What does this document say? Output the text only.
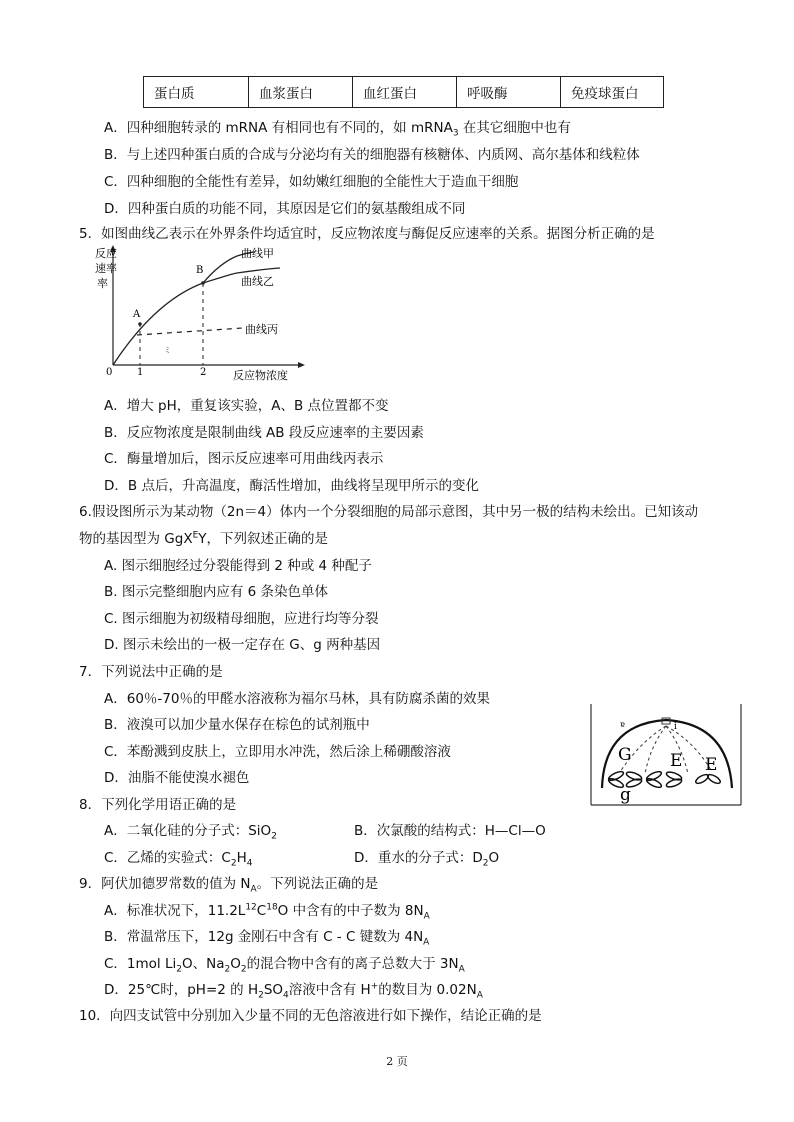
蛋白质	血浆蛋白	血红蛋白	呼吸酶	免疫球蛋白
A．四种细胞转录的 mRNA 有相同也有不同的，如 mRNA$_3$ 在其它细胞中也有
B．与上述四种蛋白质的合成与分泌均有关的细胞器有核糖体、内质网、高尔基体和线粒体
C．四种细胞的全能性有差异，如幼嫩红细胞的全能性大于造血干细胞
D．四种蛋白质的功能不同，其原因是它们的氨基酸组成不同
5．如图曲线乙表示在外界条件均适宜时，反应物浓度与酶促反应速率的关系。据图分析正确的是
反应
速率
率
A
B
曲线甲
曲线乙
曲线丙
ﾐ
0 1	2 反应物浓度
A．增大 pH，重复该实验，A、B 点位置都不变
B．反应物浓度是限制曲线 AB 段反应速率的主要因素
C．酶量增加后，图示反应速率可用曲线丙表示
D．B 点后，升高温度，酶活性增加，曲线将呈现甲所示的变化
6.假设图所示为某动物（2n＝4）体内一个分裂细胞的局部示意图，其中另一极的结构未绘出。已知该动
物的基因型为 GgX$^E$Y，下列叙述正确的是
A. 图示细胞经过分裂能得到 2 种或 4 种配子
B. 图示完整细胞内应有 6 条染色单体
C. 图示细胞为初级精母细胞，应进行均等分裂
D. 图示未绘出的一极一定存在 G、g 两种基因
7．下列说法中正确的是
A．60％-70％的甲醛水溶液称为福尔马林，具有防腐杀菌的效果
B．液溴可以加少量水保存在棕色的试剂瓶中
C．苯酚溅到皮肤上，立即用水冲洗，然后涂上稀硼酸溶液
D．油脂不能使溴水褪色
ǐ
ɐ
G
g
E E
8．下列化学用语正确的是
A．二氧化硅的分子式：SiO$_2$	B．次氯酸的结构式：H—Cl—O
C．乙烯的实验式：$C_2H_4$	D．重水的分子式：$D_2O$
9．阿伏加德罗常数的值为 $N_A$。下列说法正确的是
A．标准状况下，$11.2L^{12}C^{18}O$ 中含有的中子数为 $8N_A$
B．常温常压下，12g 金刚石中含有 C - C 键数为 $4N_A$
C．1mol $Li_2O$、$Na_2O_2$的混合物中含有的离子总数大于 $3N_A$
D．25℃时，pH=2 的 $H_2SO_4$溶液中含有 H+的数目为 $0.02N_A$
10．向四支试管中分别加入少量不同的无色溶液进行如下操作，结论正确的是
2 页
